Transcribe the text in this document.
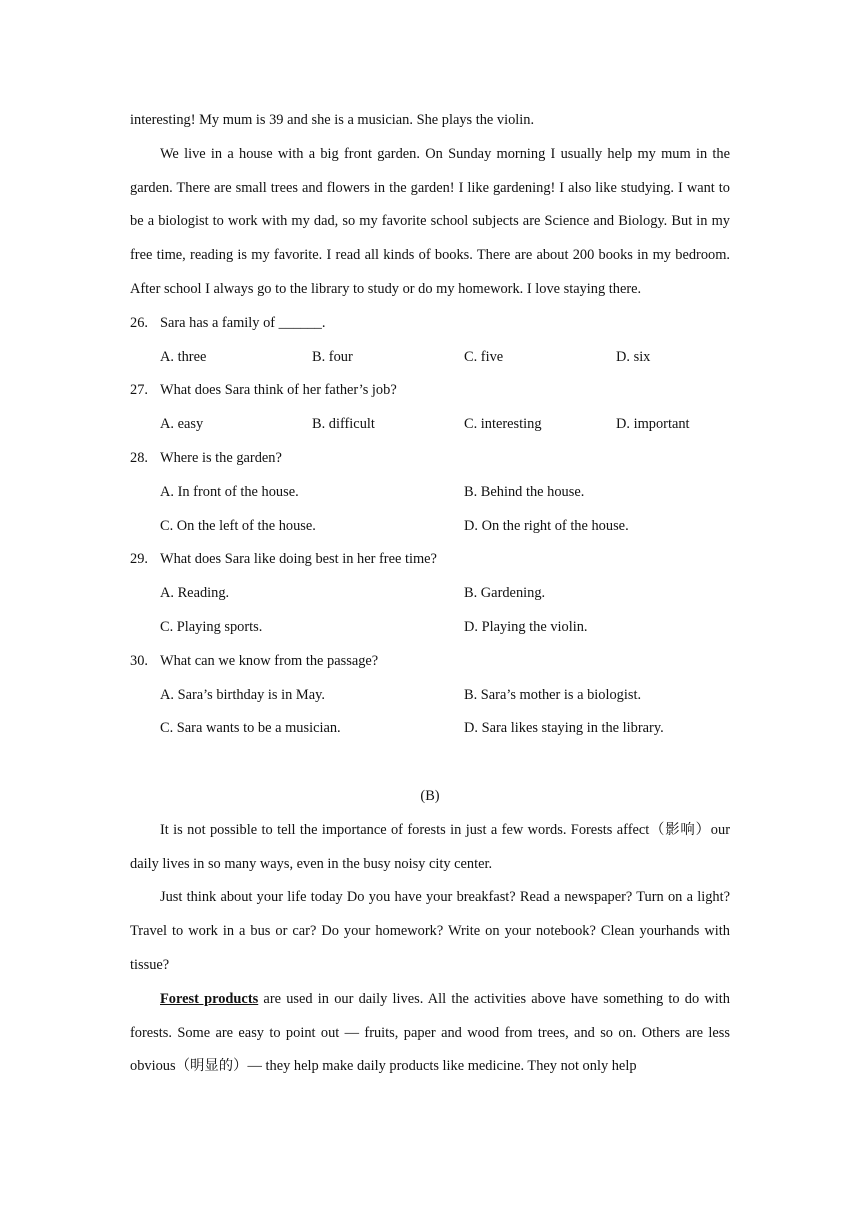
interesting! My mum is 39 and she is a musician. She plays the violin.

We live in a house with a big front garden. On Sunday morning I usually help my mum in the garden. There are small trees and flowers in the garden! I like gardening! I also like studying. I want to be a biologist to work with my dad, so my favorite school subjects are Science and Biology. But in my free time, reading is my favorite. I read all kinds of books. There are about 200 books in my bedroom. After school I always go to the library to study or do my homework. I love staying there.

26. Sara has a family of ______.
A. three	B. four	C. five	D. six
27. What does Sara think of her father’s job?
A. easy	B. difficult	C. interesting	D. important
28. Where is the garden?
A. In front of the house.	B. Behind the house.
C. On the left of the house.	D. On the right of the house.
29. What does Sara like doing best in her free time?
A. Reading.	B. Gardening.
C. Playing sports.	D. Playing the violin.
30. What can we know from the passage?
A. Sara’s birthday is in May.	B. Sara’s mother is a biologist.
C. Sara wants to be a musician.	D. Sara likes staying in the library.
(B)

It is not possible to tell the importance of forests in just a few words. Forests affect（影响）our daily lives in so many ways, even in the busy noisy city center.

Just think about your life today Do you have your breakfast? Read a newspaper? Turn on a light? Travel to work in a bus or car? Do your homework? Write on your notebook? Clean yourhands with tissue?

Forest products are used in our daily lives. All the activities above have something to do with forests. Some are easy to point out — fruits, paper and wood from trees, and so on. Others are less obvious（明显的）— they help make daily products like medicine. They not only help
